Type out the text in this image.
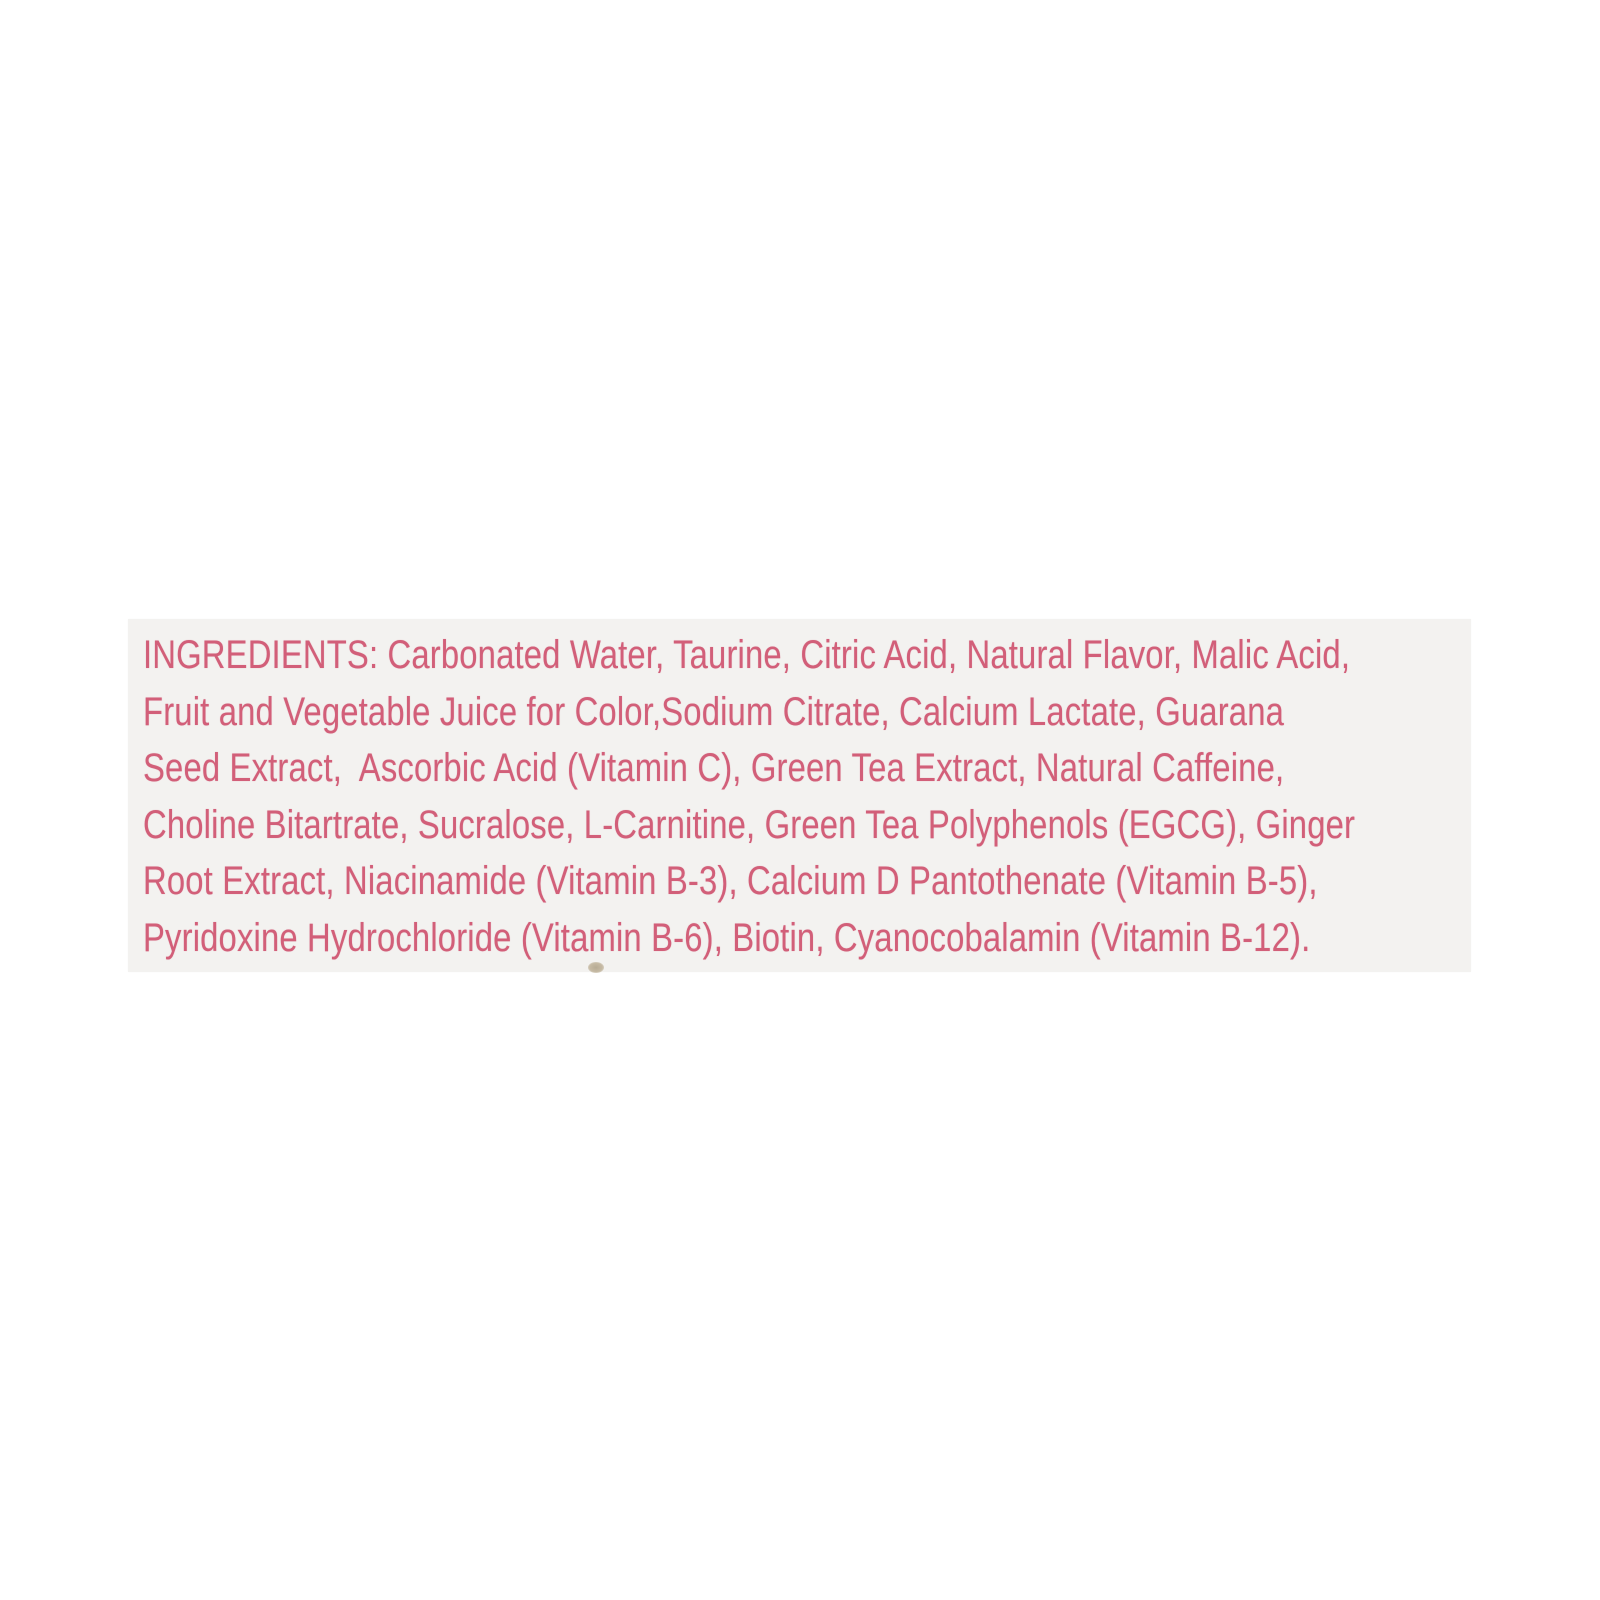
INGREDIENTS: Carbonated Water, Taurine, Citric Acid, Natural Flavor, Malic Acid,
Fruit and Vegetable Juice for Color,Sodium Citrate, Calcium Lactate, Guarana
Seed Extract,  Ascorbic Acid (Vitamin C), Green Tea Extract, Natural Caffeine,
Choline Bitartrate, Sucralose, L-Carnitine, Green Tea Polyphenols (EGCG), Ginger
Root Extract, Niacinamide (Vitamin B-3), Calcium D Pantothenate (Vitamin B-5),
Pyridoxine Hydrochloride (Vitamin B-6), Biotin, Cyanocobalamin (Vitamin B-12).
